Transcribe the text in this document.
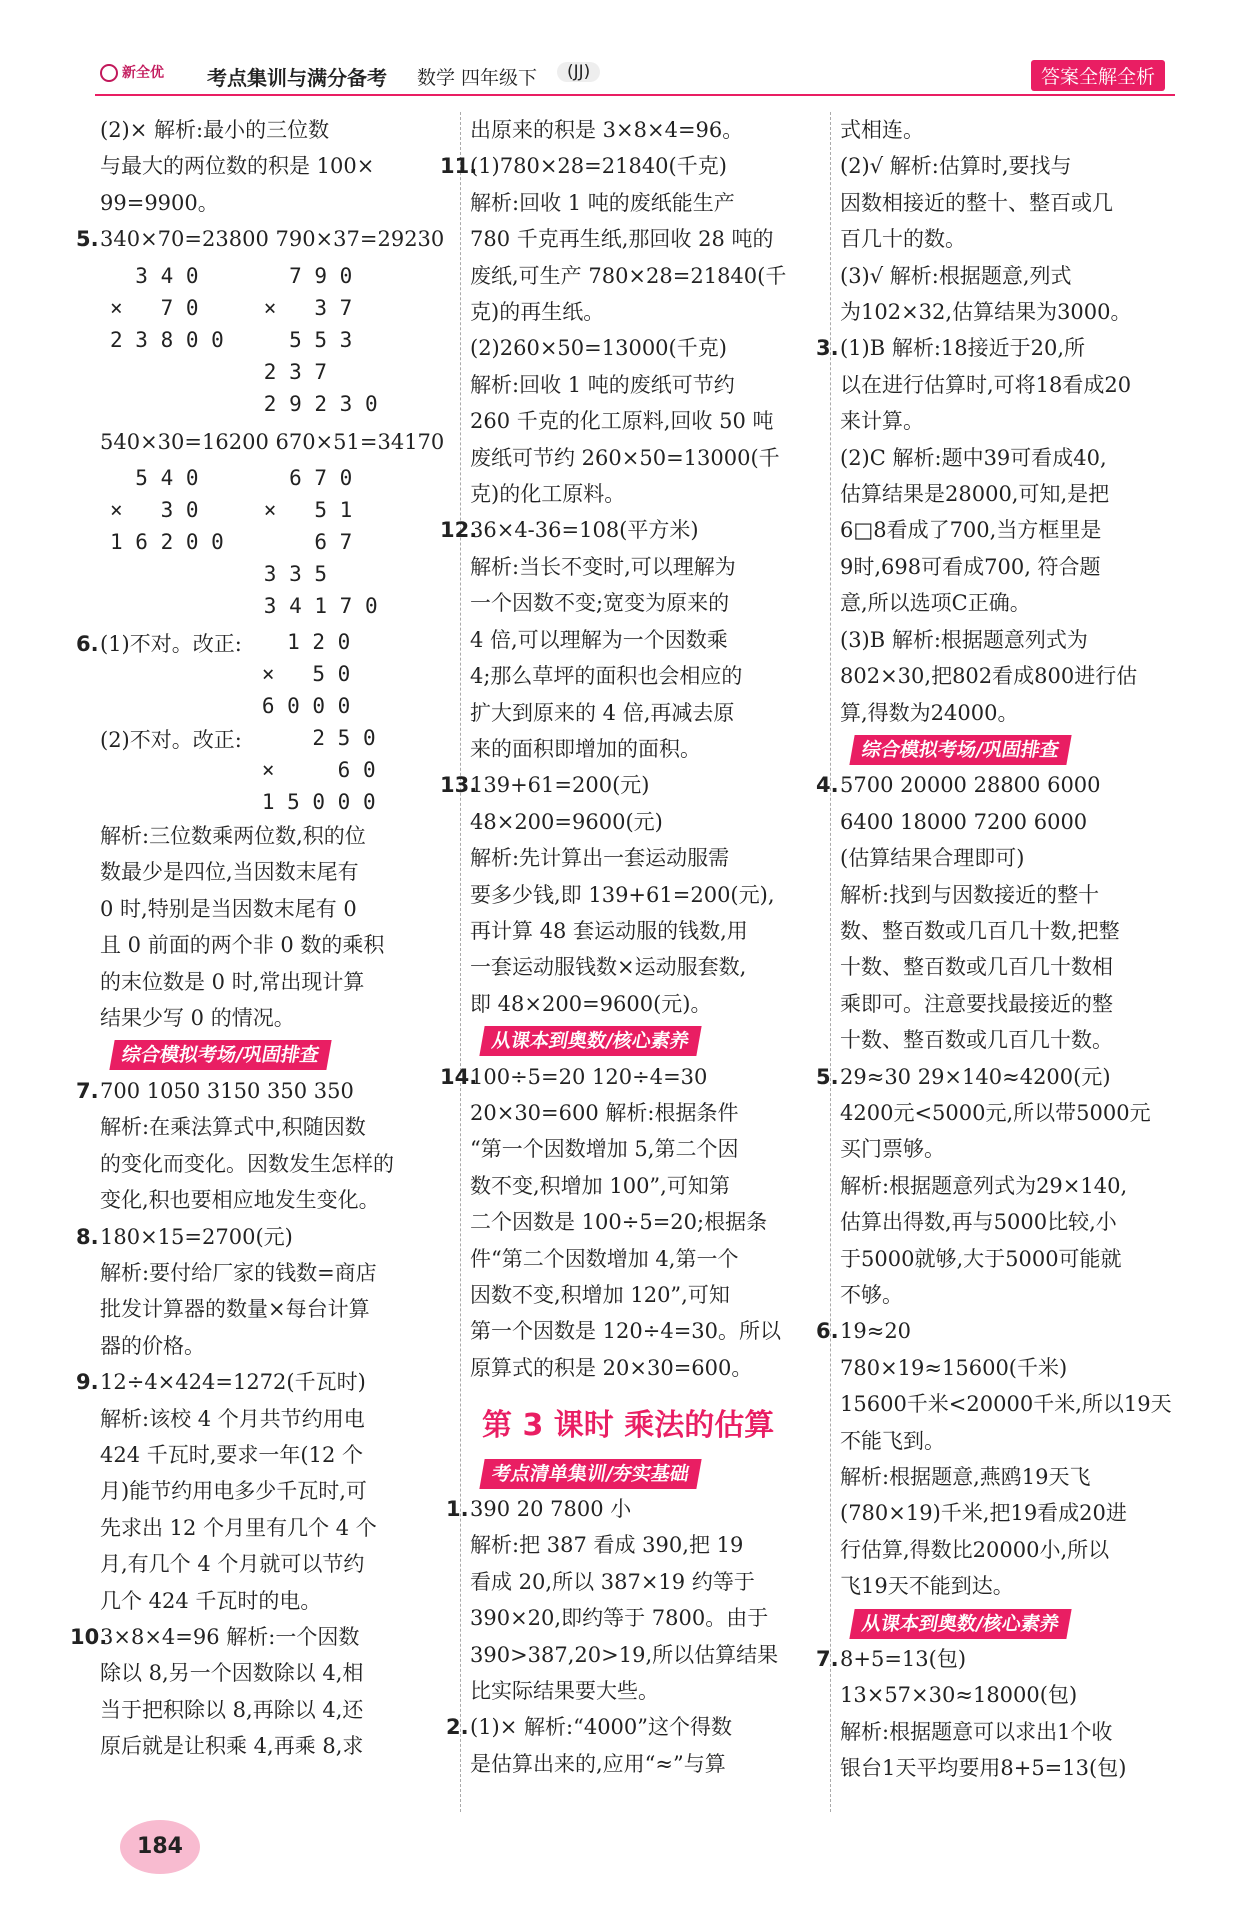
新全优 考点集训与满分备考 数学 四年级下	(JJ)	答案全解全析

(2)× 解析:最小的三位数

与最大的两位数的积是 100×

99=9900。

5.340×70=23800 790×37=29230

3 4 0
×   7 0
2 3 8 0 0
7 9 0
×   3 7
5 5 3
2 3 7
2 9 2 3 0

540×30=16200 670×51=34170

5 4 0
×   3 0
1 6 2 0 0
6 7 0
×   5 1
6 7
3 3 5
3 4 1 7 0

6.(1)不对。改正:	1 2 0
×   5 0
6 0 0 0

(2)不对。改正:	2 5 0
×     6 0
1 5 0 0 0

解析:三位数乘两位数,积的位

数最少是四位,当因数末尾有

0 时,特别是当因数末尾有 0

且 0 前面的两个非 0 数的乘积

的末位数是 0 时,常出现计算

结果少写 0 的情况。

综合模拟考场/巩固排查

7.700 1050 3150 350 350

解析:在乘法算式中,积随因数

的变化而变化。因数发生怎样的

变化,积也要相应地发生变化。

8.180×15=2700(元)

解析:要付给厂家的钱数=商店

批发计算器的数量×每台计算

器的价格。

9.12÷4×424=1272(千瓦时)

解析:该校 4 个月共节约用电

424 千瓦时,要求一年(12 个

月)能节约用电多少千瓦时,可

先求出 12 个月里有几个 4 个

月,有几个 4 个月就可以节约

几个 424 千瓦时的电。

10.3×8×4=96 解析:一个因数

除以 8,另一个因数除以 4,相

当于把积除以 8,再除以 4,还

原后就是让积乘 4,再乘 8,求

出原来的积是 3×8×4=96。

11.(1)780×28=21840(千克)

解析:回收 1 吨的废纸能生产

780 千克再生纸,那回收 28 吨的

废纸,可生产 780×28=21840(千

克)的再生纸。

(2)260×50=13000(千克)

解析:回收 1 吨的废纸可节约

260 千克的化工原料,回收 50 吨

废纸可节约 260×50=13000(千

克)的化工原料。

12.36×4-36=108(平方米)

解析:当长不变时,可以理解为

一个因数不变;宽变为原来的

4 倍,可以理解为一个因数乘

4;那么草坪的面积也会相应的

扩大到原来的 4 倍,再减去原

来的面积即增加的面积。

13.139+61=200(元)

48×200=9600(元)

解析:先计算出一套运动服需

要多少钱,即 139+61=200(元),

再计算 48 套运动服的钱数,用

一套运动服钱数×运动服套数,

即 48×200=9600(元)。

从课本到奥数/核心素养

14.100÷5=20 120÷4=30

20×30=600 解析:根据条件

“第一个因数增加 5,第二个因

数不变,积增加 100”,可知第

二个因数是 100÷5=20;根据条

件“第二个因数增加 4,第一个

因数不变,积增加 120”,可知

第一个因数是 120÷4=30。所以

原算式的积是 20×30=600。

第 3 课时 乘法的估算
考点清单集训/夯实基础

1.390 20 7800 小

解析:把 387 看成 390,把 19

看成 20,所以 387×19 约等于

390×20,即约等于 7800。由于

390>387,20>19,所以估算结果

比实际结果要大些。

2.(1)× 解析:“4000”这个得数

是估算出来的,应用“≈”与算

式相连。

(2)√ 解析:估算时,要找与

因数相接近的整十、整百或几

百几十的数。

(3)√ 解析:根据题意,列式

为102×32,估算结果为3000。

3.(1)B 解析:18接近于20,所

以在进行估算时,可将18看成20

来计算。

(2)C 解析:题中39可看成40,

估算结果是28000,可知,是把

6□8看成了700,当方框里是

9时,698可看成700, 符合题

意,所以选项C正确。

(3)B 解析:根据题意列式为

802×30,把802看成800进行估

算,得数为24000。

综合模拟考场/巩固排查

4.5700 20000 28800 6000

6400 18000 7200 6000

(估算结果合理即可)

解析:找到与因数接近的整十

数、整百数或几百几十数,把整

十数、整百数或几百几十数相

乘即可。注意要找最接近的整

十数、整百数或几百几十数。

5.29≈30 29×140≈4200(元)

4200元<5000元,所以带5000元

买门票够。

解析:根据题意列式为29×140,

估算出得数,再与5000比较,小

于5000就够,大于5000可能就

不够。

6.19≈20

780×19≈15600(千米)

15600千米<20000千米,所以19天

不能飞到。

解析:根据题意,燕鸥19天飞

(780×19)千米,把19看成20进

行估算,得数比20000小,所以

飞19天不能到达。

从课本到奥数/核心素养

7.8+5=13(包)

13×57×30≈18000(包)

解析:根据题意可以求出1个收

银台1天平均要用8+5=13(包)

184
